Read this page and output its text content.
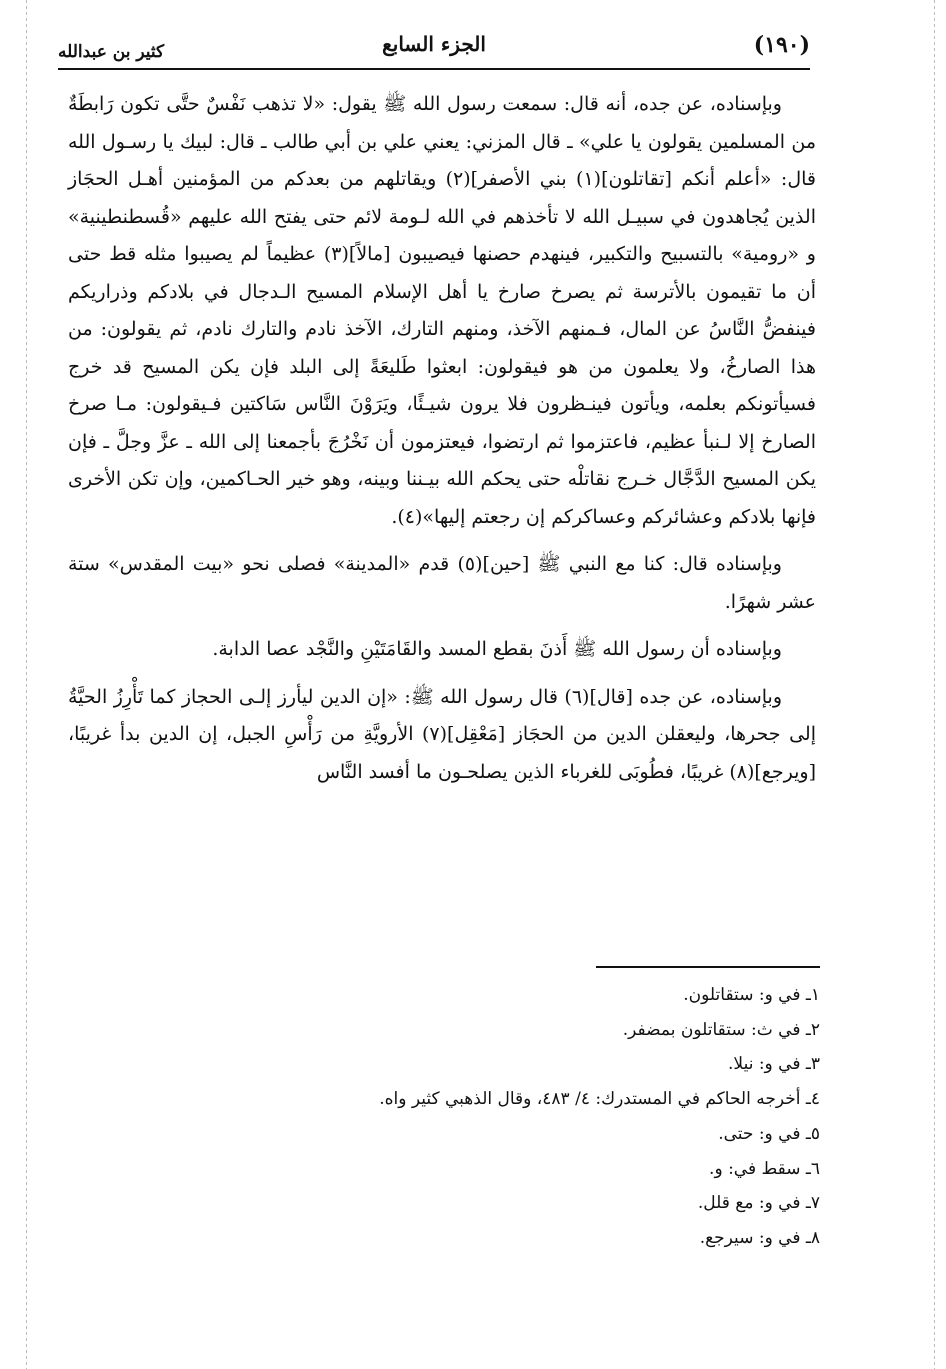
(١٩٠)
الجزء السابع
كثير بن عبدالله

وبإسناده، عن جده، أنه قال: سمعت رسول الله ﷺ يقول: «لا تذهب نَفْسٌ حتَّى تكون رَابطَةٌ من المسلمين يقولون يا علي» ـ قال المزني: يعني علي بن أبي طالب ـ قال: لبيك يا رسـول الله قال: «أعلم أنكم [تقاتلون](١) بني الأصفر](٢) ويقاتلهم من بعدكم من المؤمنين أهـل الحجَاز الذين يُجاهدون في سبيـل الله لا تأخذهم في الله لـومة لائم حتى يفتح الله عليهم «قُسطنطينية» و «رومية» بالتسبيح والتكبير، فينهدم حصنها فيصيبون [مالاً](٣) عظيماً لم يصيبوا مثله قط حتى أن ما تقيمون بالأترسة ثم يصرخ صارخ يا أهل الإسلام المسيح الـدجال في بلادكم وذراريكم فينفضُّ النَّاسُ عن المال، فـمنهم الآخذ، ومنهم التارك، الآخذ نادم والتارك نادم، ثم يقولون: من هذا الصارخُ، ولا يعلمون من هو فيقولون: ابعثوا طَليعَةً إلى البلد فإن يكن المسيح قد خرج فسيأتونكم بعلمه، ويأتون فينـظرون فلا يرون شيـئًا، ويَرَوْنَ النَّاس سَاكتين فـيقولون: مـا صرخ الصارخ إلا لـنبأ عظيم، فاعتزموا ثم ارتضوا، فيعتزمون أن نَخْرُجَ بأجمعنا إلى الله ـ عزَّ وجلَّ ـ فإن يكن المسيح الدَّجَّال خـرج نقاتلْه حتى يحكم الله بيـننا وبينه، وهو خير الحـاكمين، وإن تكن الأخرى فإنها بلادكم وعشائركم وعساكركم إن رجعتم إليها»(٤).

وبإسناده قال: كنا مع النبي ﷺ [حين](٥) قدم «المدينة» فصلى نحو «بيت المقدس» ستة عشر شهرًا.

وبإسناده أن رسول الله ﷺ أَذنَ بقطع المسد والقَامَتَيْنِ والنَّجْد عصا الدابة.

وبإسناده، عن جده [قال](٦) قال رسول الله ﷺ: «إن الدين ليأرز إلـى الحجاز كما تَأْرِزُ الحيَّةُ إلى جحرها، وليعقلن الدين من الحجَاز [مَعْقِل](٧) الأرويَّةِ من رَأْسِ الجبل، إن الدين بدأ غريبًا، [ويرجع](٨) غريبًا، فطُوبَى للغرباء الذين يصلحـون ما أفسد النَّاس

١ـ في و: ستقاتلون.

٢ـ في ث: ستقاتلون بمضفر.

٣ـ في و: نيلا.

٤ـ أخرجه الحاكم في المستدرك: ٤/ ٤٨٣، وقال الذهبي كثير واه.

٥ـ في و: حتى.

٦ـ سقط في: و.

٧ـ في و: مع قلل.

٨ـ في و: سيرجع.
